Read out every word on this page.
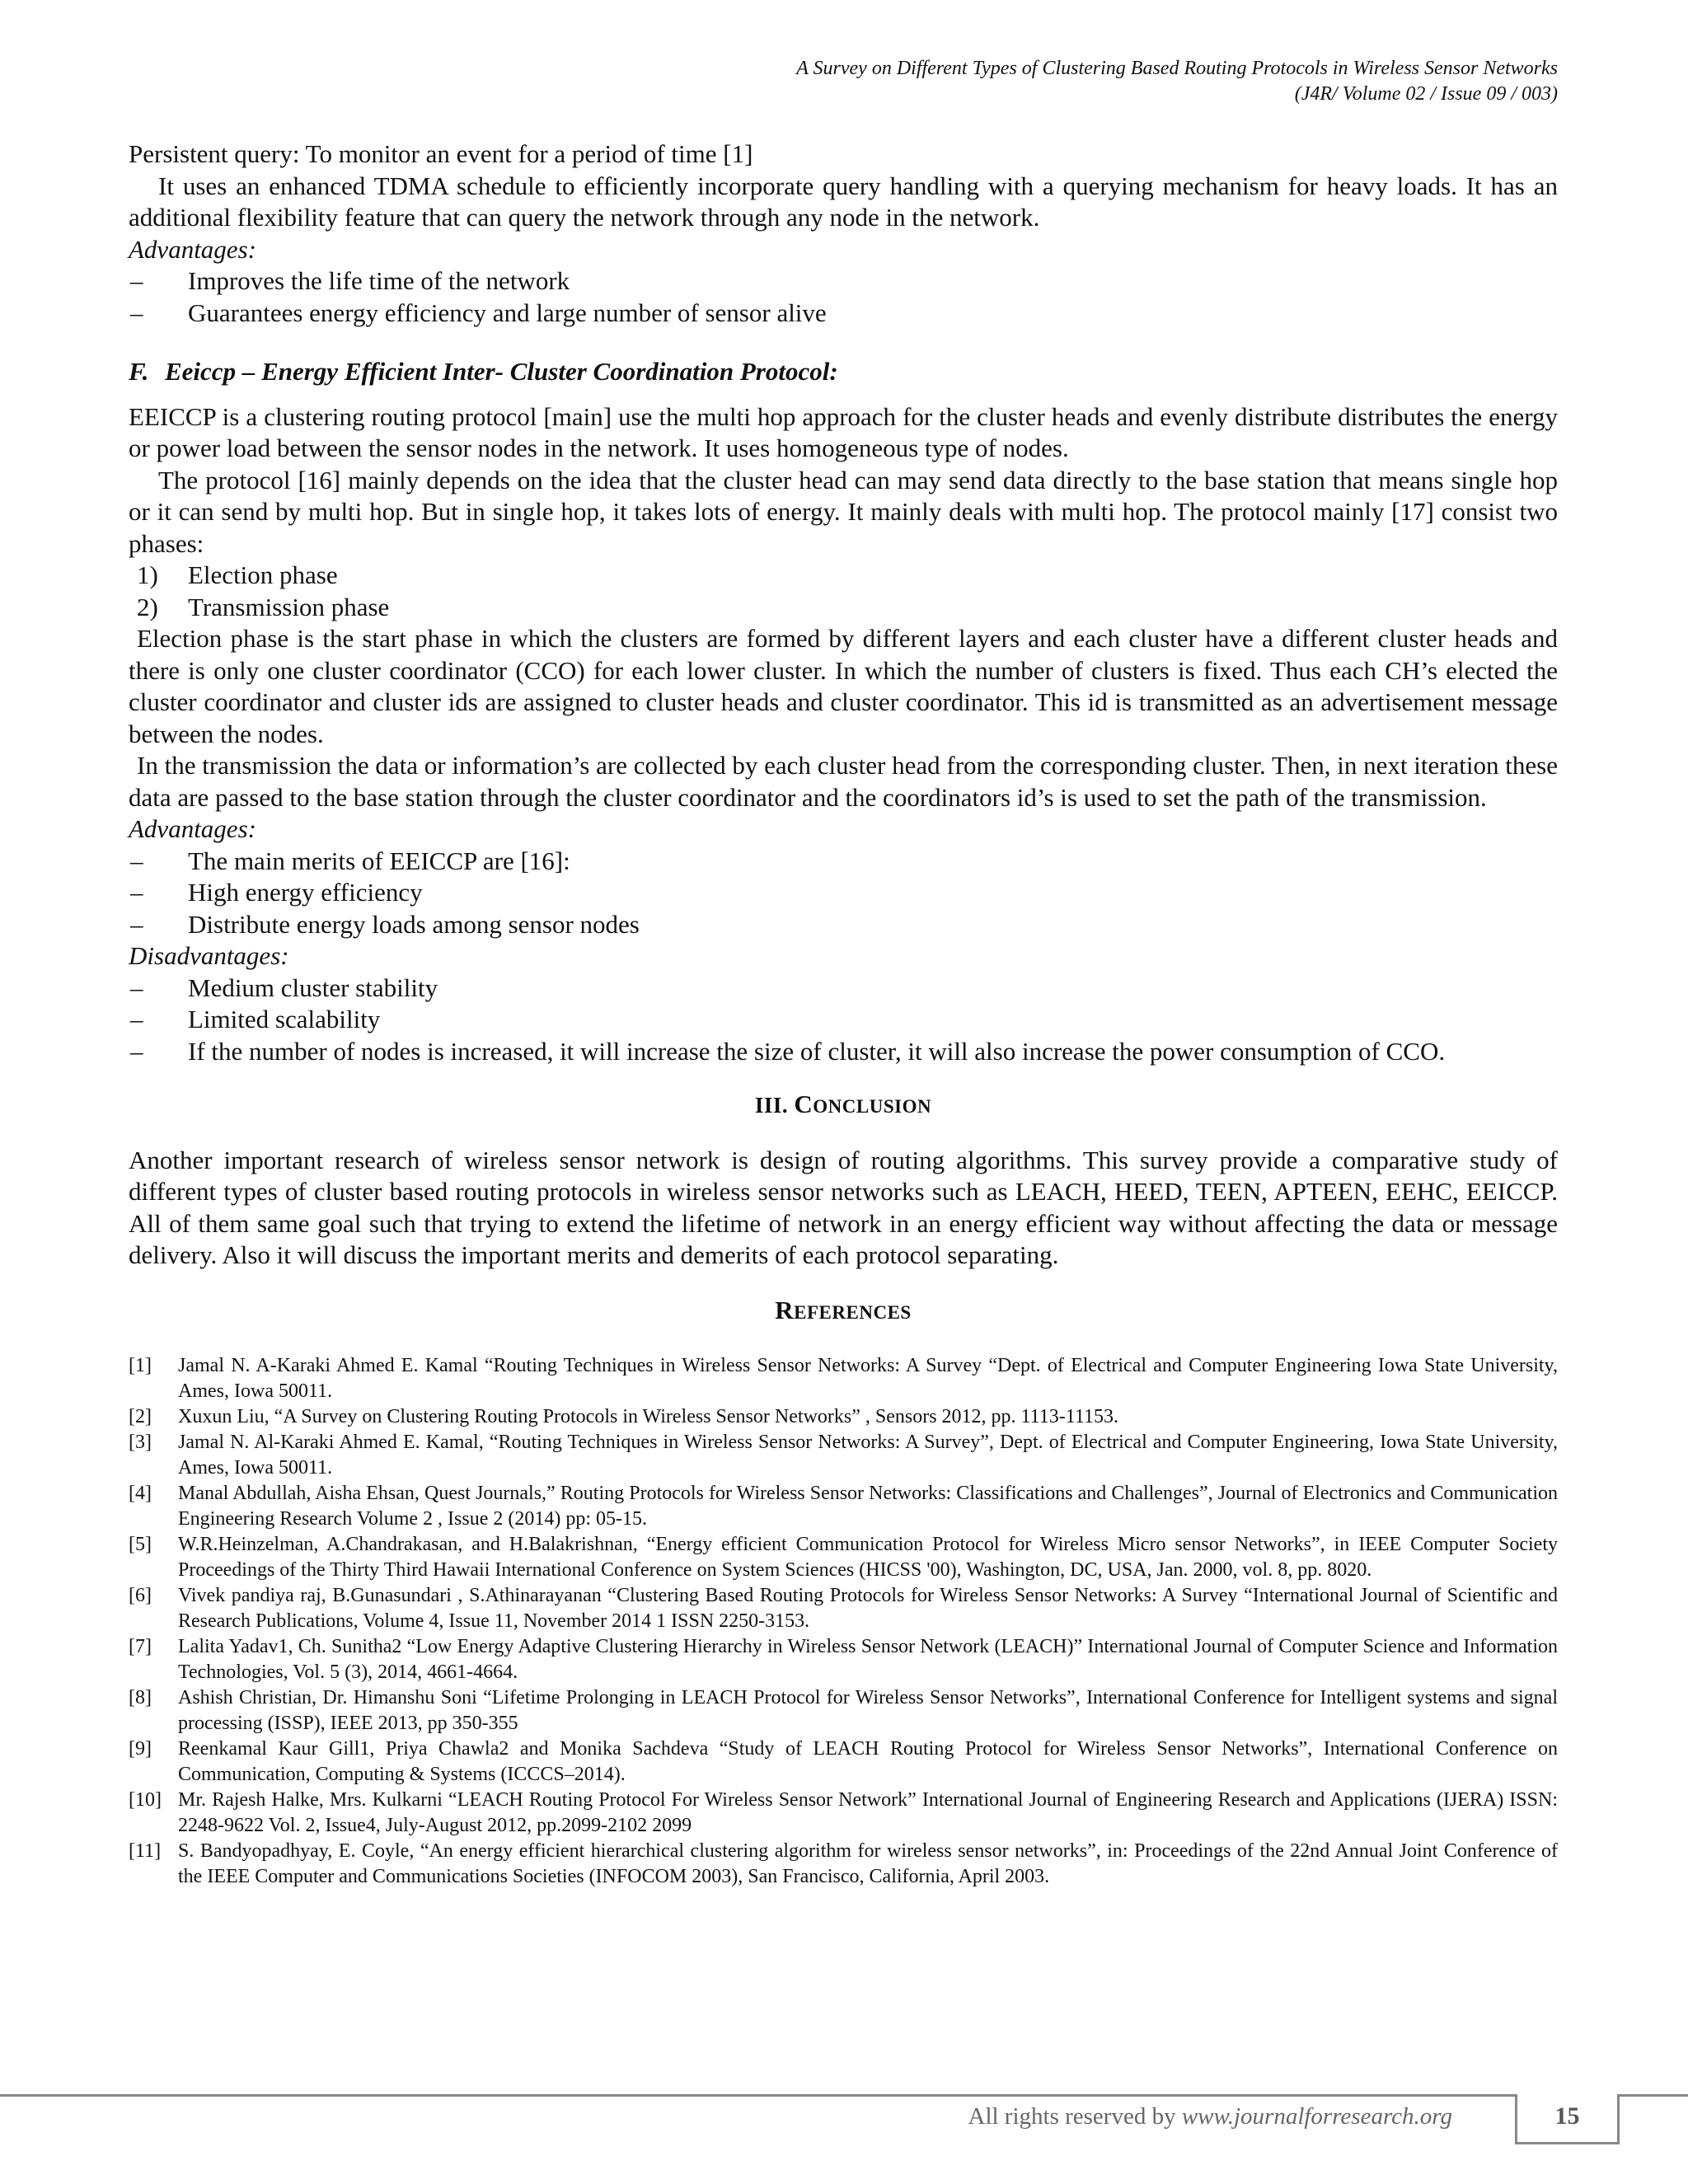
A Survey on Different Types of Clustering Based Routing Protocols in Wireless Sensor Networks
(J4R/ Volume 02 / Issue 09 / 003)

Persistent query: To monitor an event for a period of time [1]

It uses an enhanced TDMA schedule to efficiently incorporate query handling with a querying mechanism for heavy loads. It has an additional flexibility feature that can query the network through any node in the network.

Advantages:
– Improves the life time of the network
– Guarantees energy efficiency and large number of sensor alive
F. Eeiccp – Energy Efficient Inter- Cluster Coordination Protocol:

EEICCP is a clustering routing protocol [main] use the multi hop approach for the cluster heads and evenly distribute distributes the energy or power load between the sensor nodes in the network. It uses homogeneous type of nodes.

The protocol [16] mainly depends on the idea that the cluster head can may send data directly to the base station that means single hop or it can send by multi hop. But in single hop, it takes lots of energy. It mainly deals with multi hop. The protocol mainly [17] consist two phases:

1) Election phase
2) Transmission phase

Election phase is the start phase in which the clusters are formed by different layers and each cluster have a different cluster heads and there is only one cluster coordinator (CCO) for each lower cluster. In which the number of clusters is fixed. Thus each CH’s elected the cluster coordinator and cluster ids are assigned to cluster heads and cluster coordinator. This id is transmitted as an advertisement message between the nodes.

In the transmission the data or information’s are collected by each cluster head from the corresponding cluster. Then, in next iteration these data are passed to the base station through the cluster coordinator and the coordinators id’s is used to set the path of the transmission.

Advantages:
– The main merits of EEICCP are [16]:
– High energy efficiency
– Distribute energy loads among sensor nodes
Disadvantages:
– Medium cluster stability
– Limited scalability
– If the number of nodes is increased, it will increase the size of cluster, it will also increase the power consumption of CCO.
III. CONCLUSION

Another important research of wireless sensor network is design of routing algorithms. This survey provide a comparative study of different types of cluster based routing protocols in wireless sensor networks such as LEACH, HEED, TEEN, APTEEN, EEHC, EEICCP. All of them same goal such that trying to extend the lifetime of network in an energy efficient way without affecting the data or message delivery. Also it will discuss the important merits and demerits of each protocol separating.

REFERENCES
[1] Jamal N. A-Karaki Ahmed E. Kamal “Routing Techniques in Wireless Sensor Networks: A Survey “Dept. of Electrical and Computer Engineering Iowa State University, Ames, Iowa 50011.
[2] Xuxun Liu, “A Survey on Clustering Routing Protocols in Wireless Sensor Networks” , Sensors 2012, pp. 1113-11153.
[3] Jamal N. Al-Karaki Ahmed E. Kamal, “Routing Techniques in Wireless Sensor Networks: A Survey”, Dept. of Electrical and Computer Engineering, Iowa State University, Ames, Iowa 50011.
[4] Manal Abdullah, Aisha Ehsan, Quest Journals,” Routing Protocols for Wireless Sensor Networks: Classifications and Challenges”, Journal of Electronics and Communication Engineering Research Volume 2 , Issue 2 (2014) pp: 05-15.
[5] W.R.Heinzelman, A.Chandrakasan, and H.Balakrishnan, “Energy efficient Communication Protocol for Wireless Micro sensor Networks”, in IEEE Computer Society Proceedings of the Thirty Third Hawaii International Conference on System Sciences (HICSS '00), Washington, DC, USA, Jan. 2000, vol. 8, pp. 8020.
[6] Vivek pandiya raj, B.Gunasundari , S.Athinarayanan “Clustering Based Routing Protocols for Wireless Sensor Networks: A Survey “International Journal of Scientific and Research Publications, Volume 4, Issue 11, November 2014 1 ISSN 2250-3153.
[7] Lalita Yadav1, Ch. Sunitha2 “Low Energy Adaptive Clustering Hierarchy in Wireless Sensor Network (LEACH)” International Journal of Computer Science and Information Technologies, Vol. 5 (3), 2014, 4661-4664.
[8] Ashish Christian, Dr. Himanshu Soni “Lifetime Prolonging in LEACH Protocol for Wireless Sensor Networks”, International Conference for Intelligent systems and signal processing (ISSP), IEEE 2013, pp 350-355
[9] Reenkamal Kaur Gill1, Priya Chawla2 and Monika Sachdeva “Study of LEACH Routing Protocol for Wireless Sensor Networks”, International Conference on Communication, Computing & Systems (ICCCS–2014).
[10] Mr. Rajesh Halke, Mrs. Kulkarni “LEACH Routing Protocol For Wireless Sensor Network” International Journal of Engineering Research and Applications (IJERA) ISSN: 2248-9622 Vol. 2, Issue4, July-August 2012, pp.2099-2102 2099
[11] S. Bandyopadhyay, E. Coyle, “An energy efficient hierarchical clustering algorithm for wireless sensor networks”, in: Proceedings of the 22nd Annual Joint Conference of the IEEE Computer and Communications Societies (INFOCOM 2003), San Francisco, California, April 2003.
All rights reserved by www.journalforresearch.org	15
